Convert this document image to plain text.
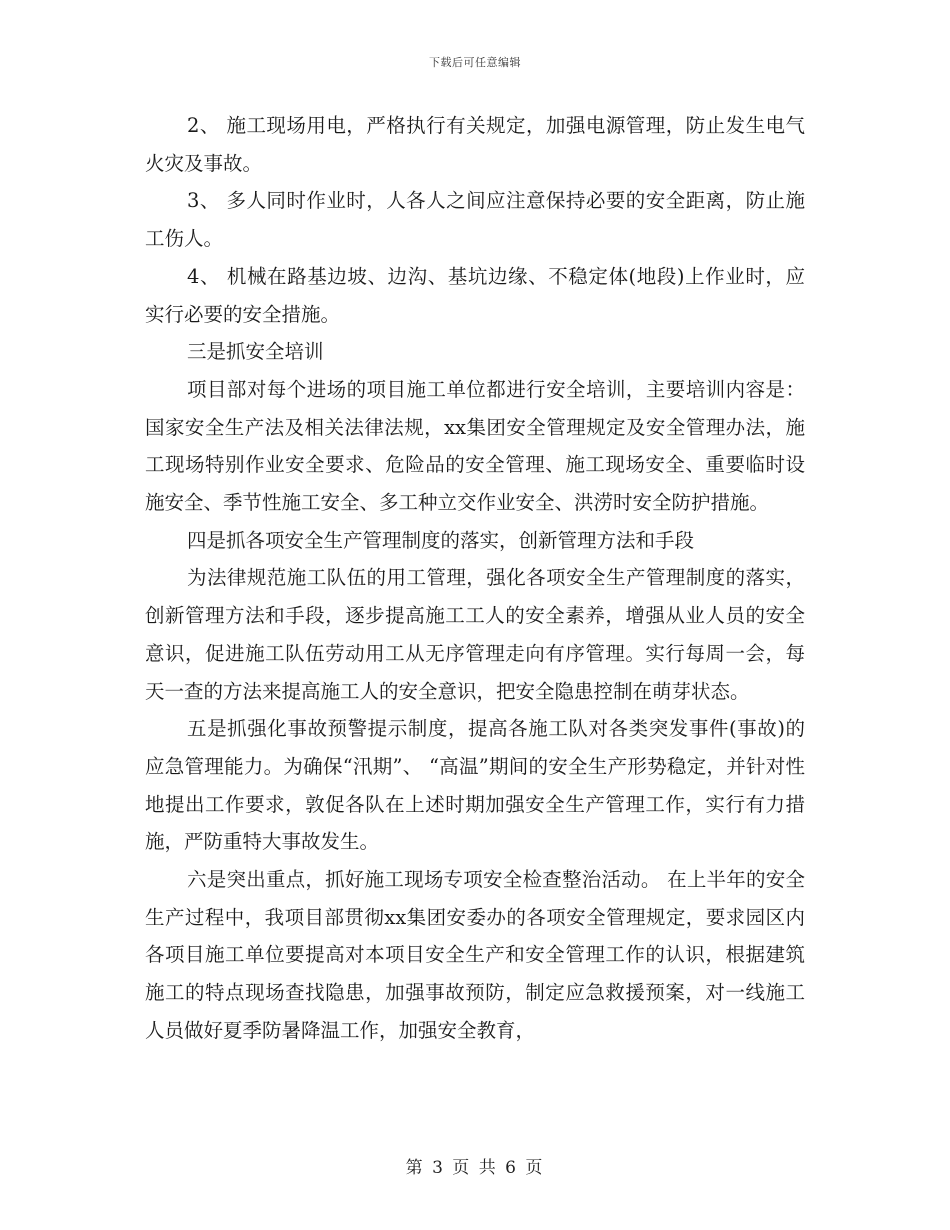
下载后可任意编辑

2、 施工现场用电，严格执行有关规定，加强电源管理，防止发生电气火灾及事故。

3、 多人同时作业时，人各人之间应注意保持必要的安全距离，防止施工伤人。

4、 机械在路基边坡、边沟、基坑边缘、不稳定体(地段)上作业时，应实行必要的安全措施。

三是抓安全培训

项目部对每个进场的项目施工单位都进行安全培训，主要培训内容是：国家安全生产法及相关法律法规，xx集团安全管理规定及安全管理办法，施工现场特别作业安全要求、危险品的安全管理、施工现场安全、重要临时设施安全、季节性施工安全、多工种立交作业安全、洪涝时安全防护措施。

四是抓各项安全生产管理制度的落实，创新管理方法和手段

为法律规范施工队伍的用工管理，强化各项安全生产管理制度的落实，创新管理方法和手段，逐步提高施工工人的安全素养，增强从业人员的安全意识，促进施工队伍劳动用工从无序管理走向有序管理。实行每周一会，每天一查的方法来提高施工人的安全意识，把安全隐患控制在萌芽状态。

五是抓强化事故预警提示制度，提高各施工队对各类突发事件(事故)的应急管理能力。为确保“汛期”、 “高温”期间的安全生产形势稳定，并针对性地提出工作要求，敦促各队在上述时期加强安全生产管理工作，实行有力措施，严防重特大事故发生。

六是突出重点，抓好施工现场专项安全检查整治活动。 在上半年的安全生产过程中，我项目部贯彻xx集团安委办的各项安全管理规定，要求园区内各项目施工单位要提高对本项目安全生产和安全管理工作的认识，根据建筑施工的特点现场查找隐患，加强事故预防，制定应急救援预案，对一线施工人员做好夏季防暑降温工作，加强安全教育，

第 3 页 共 6 页
